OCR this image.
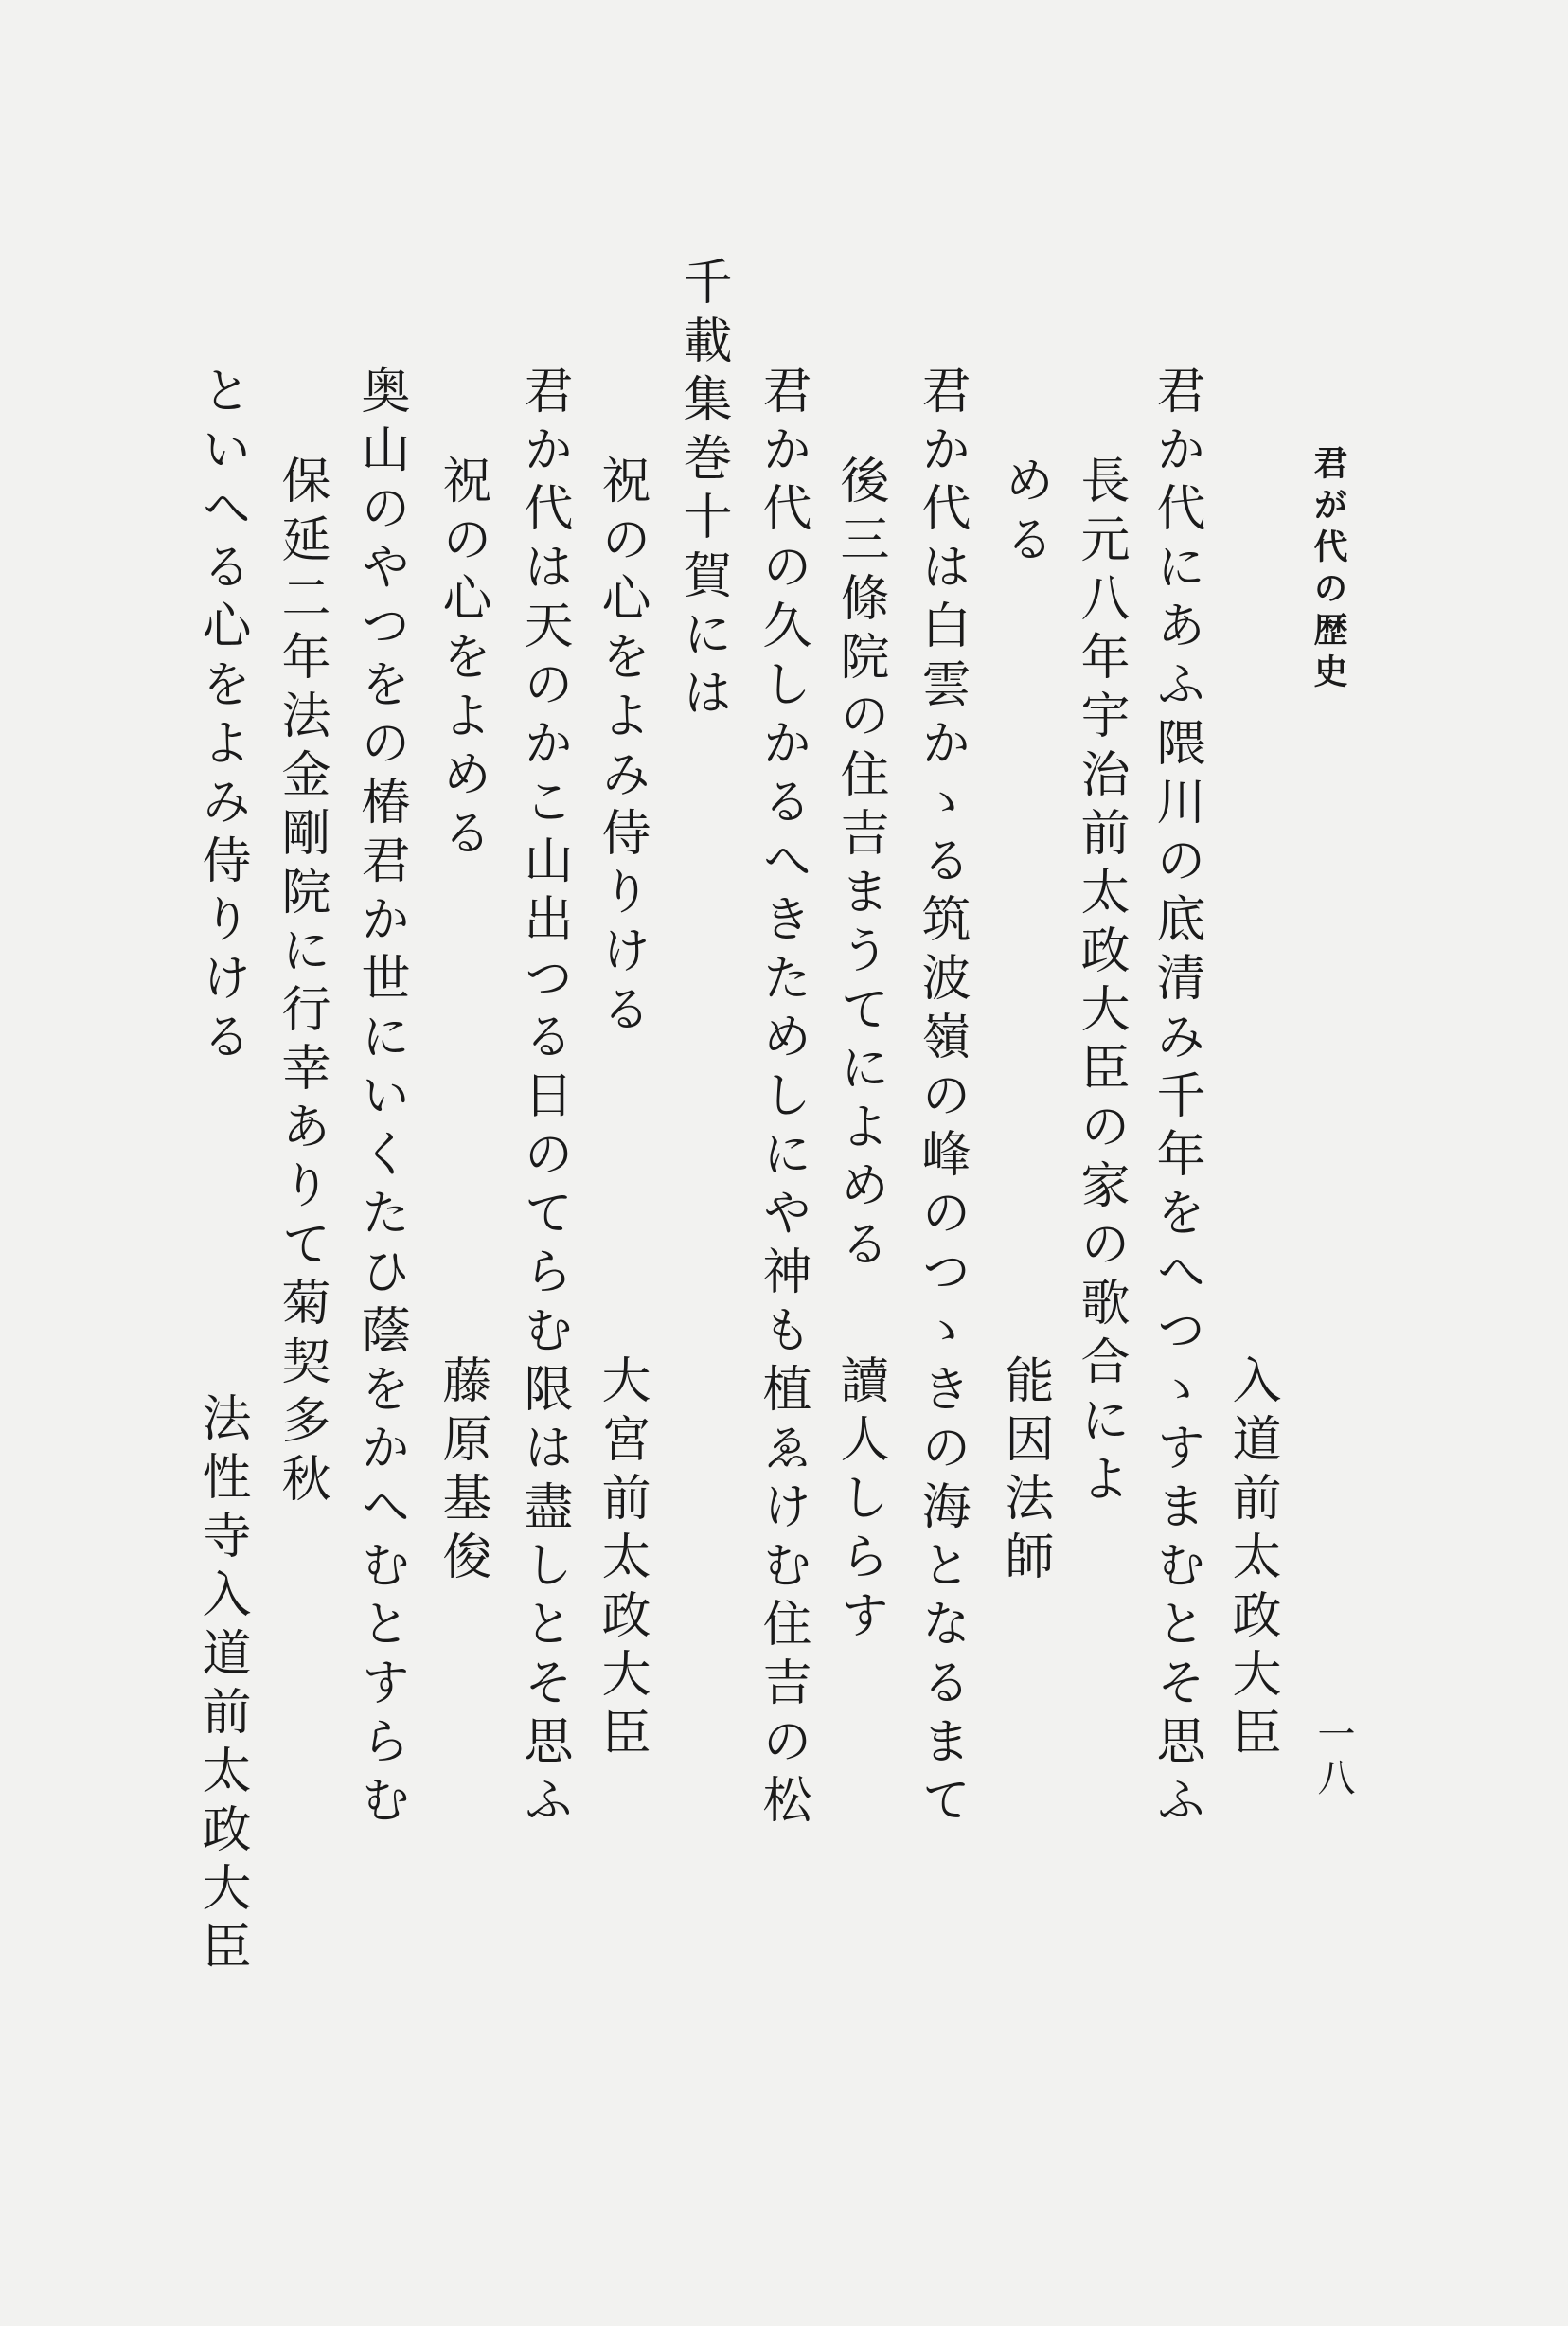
君が代の歴史
一八
入道前太政大臣
君か代にあふ隈川の底清み千年をへつゝすまむとそ思ふ
長元八年宇治前太政大臣の家の歌合によ
める
能因法師
君か代は白雲かゝる筑波嶺の峰のつゝきの海となるまて
後三條院の住吉まうてによめる
讀人しらす
君か代の久しかるへきためしにや神も植ゑけむ住吉の松
千載集巻十賀には
祝の心をよみ侍りける
大宮前太政大臣
君か代は天のかこ山出つる日のてらむ限は盡しとそ思ふ
祝の心をよめる
藤原基俊
奥山のやつをの椿君か世にいくたひ蔭をかへむとすらむ
保延二年法金剛院に行幸ありて菊契多秋
法性寺入道前太政大臣
といへる心をよみ侍りける
